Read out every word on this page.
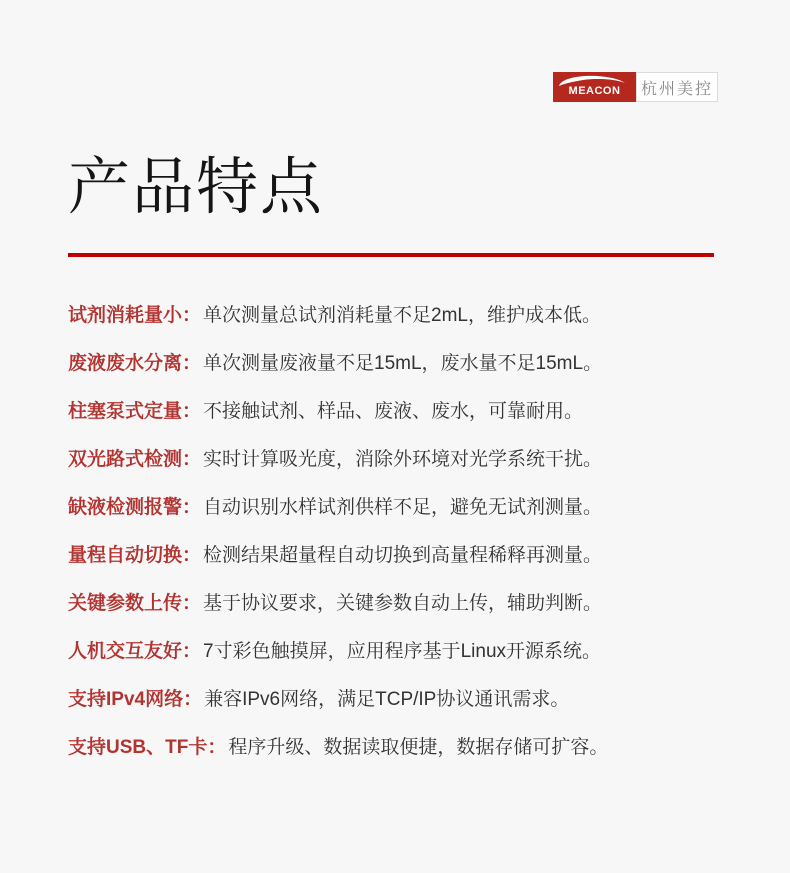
MEACON	杭州美控
产品特点
试剂消耗量小： 单次测量总试剂消耗量不足2mL，维护成本低。
废液废水分离： 单次测量废液量不足15mL，废水量不足15mL。
柱塞泵式定量： 不接触试剂、样品、废液、废水，可靠耐用。
双光路式检测： 实时计算吸光度，消除外环境对光学系统干扰。
缺液检测报警： 自动识别水样试剂供样不足，避免无试剂测量。
量程自动切换： 检测结果超量程自动切换到高量程稀释再测量。
关键参数上传： 基于协议要求，关键参数自动上传，辅助判断。
人机交互友好： 7寸彩色触摸屏，应用程序基于Linux开源系统。
支持IPv4网络： 兼容IPv6网络，满足TCP/IP协议通讯需求。
支持USB、TF卡： 程序升级、数据读取便捷，数据存储可扩容。
